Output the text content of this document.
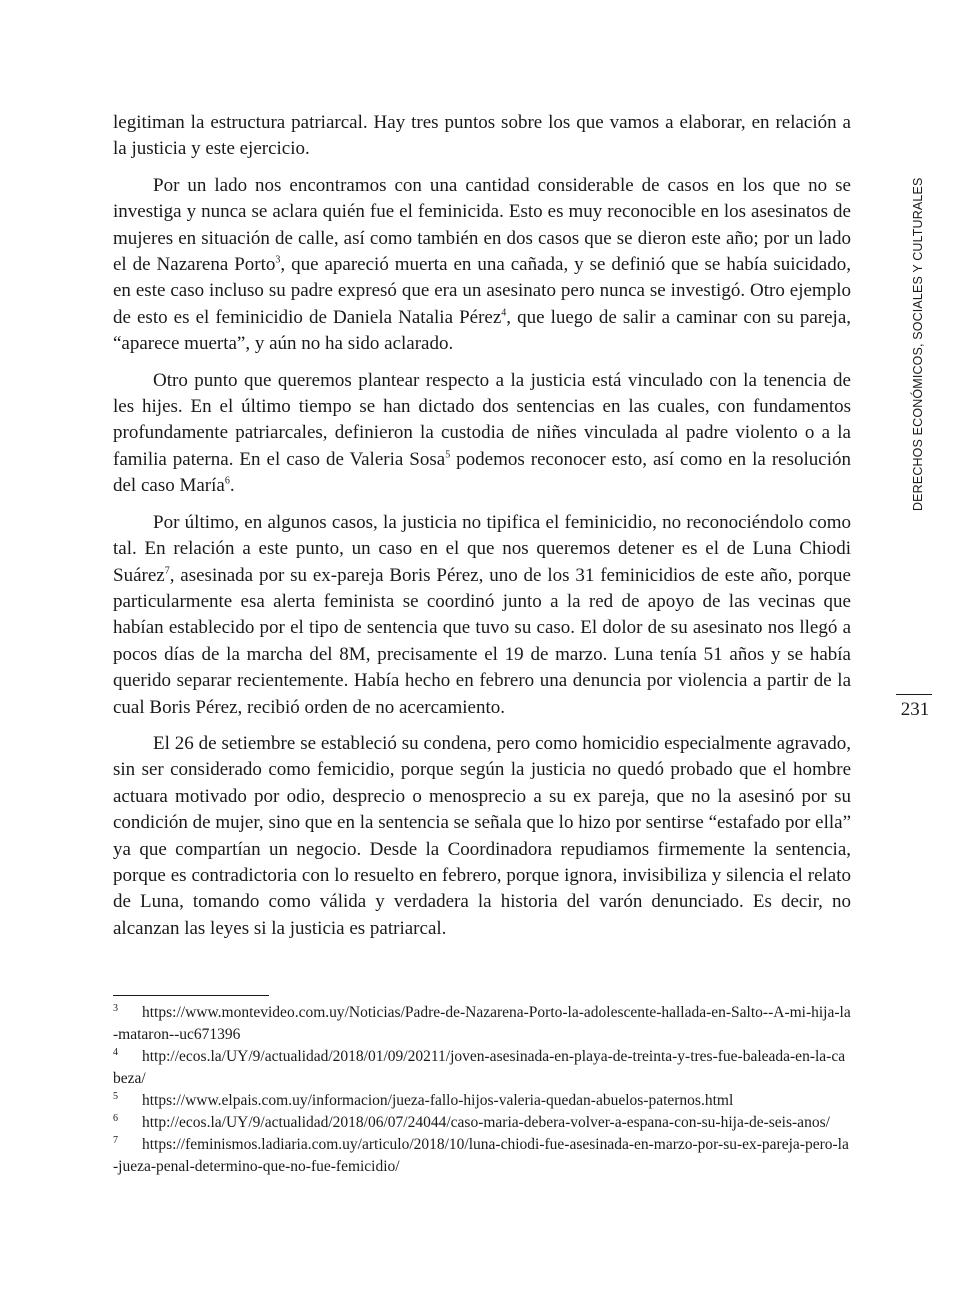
legitiman la estructura patriarcal. Hay tres puntos sobre los que vamos a elaborar, en relación a la justicia y este ejercicio.

Por un lado nos encontramos con una cantidad considerable de casos en los que no se investiga y nunca se aclara quién fue el feminicida. Esto es muy reconocible en los asesinatos de mujeres en situación de calle, así como también en dos casos que se dieron este año; por un lado el de Nazarena Porto$^3$, que apareció muerta en una cañada, y se definió que se había suicidado, en este caso incluso su padre expresó que era un asesinato pero nunca se investigó. Otro ejemplo de esto es el feminicidio de Daniela Natalia Pérez$^4$, que luego de salir a caminar con su pareja, “aparece muerta”, y aún no ha sido aclarado.

Otro punto que queremos plantear respecto a la justicia está vinculado con la tenencia de les hijes. En el último tiempo se han dictado dos sentencias en las cuales, con fundamentos profundamente patriarcales, definieron la custodia de niñes vinculada al padre violento o a la familia paterna. En el caso de Valeria Sosa$^5$ podemos reconocer esto, así como en la resolución del caso María$^6$.

Por último, en algunos casos, la justicia no tipifica el feminicidio, no reconociéndolo como tal. En relación a este punto, un caso en el que nos queremos detener es el de Luna Chiodi Suárez$^7$, asesinada por su ex-pareja Boris Pérez, uno de los 31 feminicidios de este año, porque particularmente esa alerta feminista se coordinó junto a la red de apoyo de las vecinas que habían establecido por el tipo de sentencia que tuvo su caso. El dolor de su asesinato nos llegó a pocos días de la marcha del 8M, precisamente el 19 de marzo. Luna tenía 51 años y se había querido separar recientemente. Había hecho en febrero una denuncia por violencia a partir de la cual Boris Pérez, recibió orden de no acercamiento.

El 26 de setiembre se estableció su condena, pero como homicidio especialmente agravado, sin ser considerado como femicidio, porque según la justicia no quedó probado que el hombre actuara motivado por odio, desprecio o menosprecio a su ex pareja, que no la asesinó por su condición de mujer, sino que en la sentencia se señala que lo hizo por sentirse “estafado por ella” ya que compartían un negocio. Desde la Coordinadora repudiamos firmemente la sentencia, porque es contradictoria con lo resuelto en febrero, porque ignora, invisibiliza y silencia el relato de Luna, tomando como válida y verdadera la historia del varón denunciado. Es decir, no alcanzan las leyes si la justicia es patriarcal.

3 https://www.montevideo.com.uy/Noticias/Padre-de-Nazarena-Porto-la-adolescente-hallada-en-Salto--A-mi-hija-la-mataron--uc671396

4 http://ecos.la/UY/9/actualidad/2018/01/09/20211/joven-asesinada-en-playa-de-treinta-y-tres-fue-baleada-en-la-cabeza/

5 https://www.elpais.com.uy/informacion/jueza-fallo-hijos-valeria-quedan-abuelos-paternos.html

6 http://ecos.la/UY/9/actualidad/2018/06/07/24044/caso-maria-debera-volver-a-espana-con-su-hija-de-seis-anos/

7 https://feminismos.ladiaria.com.uy/articulo/2018/10/luna-chiodi-fue-asesinada-en-marzo-por-su-ex-pareja-pero-la-jueza-penal-determino-que-no-fue-femicidio/

DERECHOS ECONÓMICOS, SOCIALES Y CULTURALES
231
